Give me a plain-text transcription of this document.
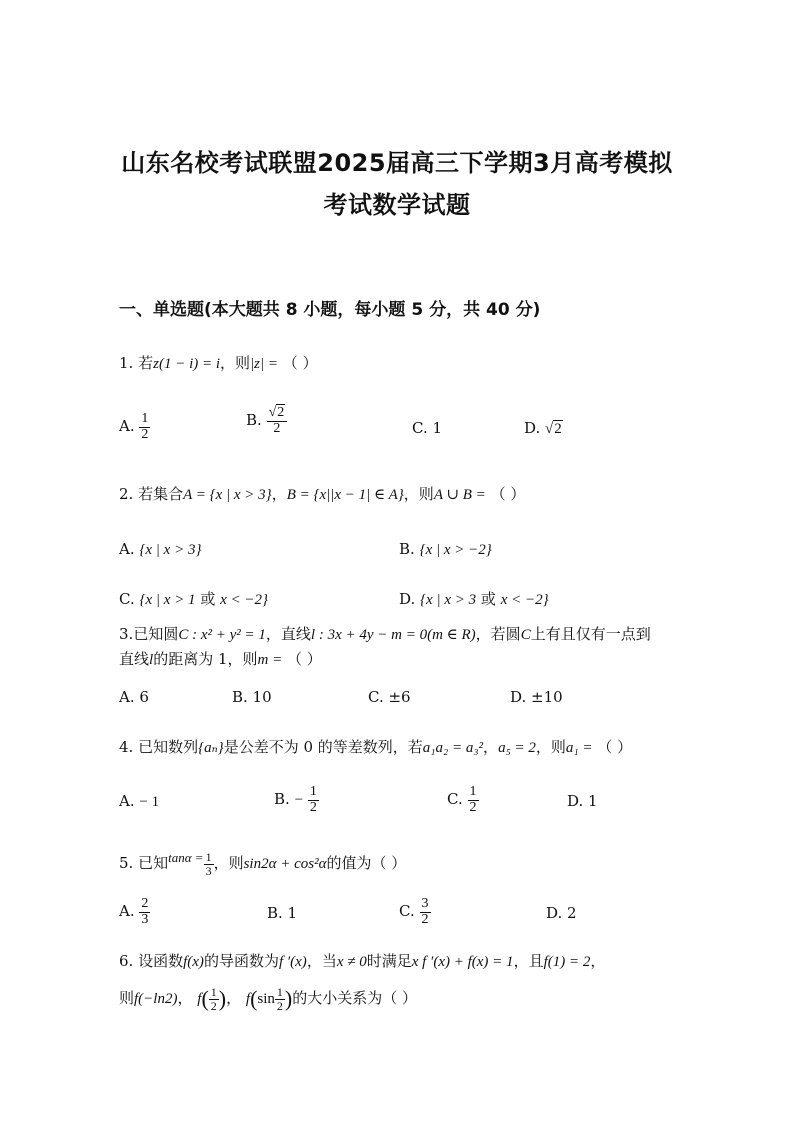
山东名校考试联盟2025届高三下学期3月高考模拟
考试数学试题
一、单选题(本大题共 8 小题，每小题 5 分，共 40 分)
1. 若z(1 − i) = i，则|z| = （ ）
A. $\frac{1}{2}$	B. $\frac{√2}{2}$	C. 1	D. √2
2. 若集合A = {x | x > 3}，B = {x||x − 1| ∈ A}，则A ∪ B = （ ）
A. {x | x > 3}	B. {x | x > −2}
C. {x | x > 1 或 x < −2}	D. {x | x > 3 或 x < −2}
3.已知圆C : x² + y² = 1，直线l : 3x + 4y − m = 0(m ∈ R)，若圆C上有且仅有一点到
直线l的距离为 1，则m = （ ）
A. 6	B. 10	C. ±6	D. ±10
4. 已知数列{aₙ}是公差不为 0 的等差数列，若a₁a₂ = a₃²，a₅ = 2，则a₁ = （ ）
A. − 1	B. − $\frac{1}{2}$	C. $\frac{1}{2}$	D. 1
5. 已知$\tan\alpha = \frac{1}{3}$ ，则sin2α + cos²α的值为（ ）
A. $\frac{2}{3}$	B. 1	C. $\frac{3}{2}$	D. 2
6. 设函数f(x)的导函数为f ′(x)，当x ≠ 0时满足x f ′(x) + f(x) = 1，且f(1) = 2，
则f(−ln2)， $f( \frac{1}{2}$ )， $f(\sin \frac{1}{2}$ )的大小关系为（ ）
